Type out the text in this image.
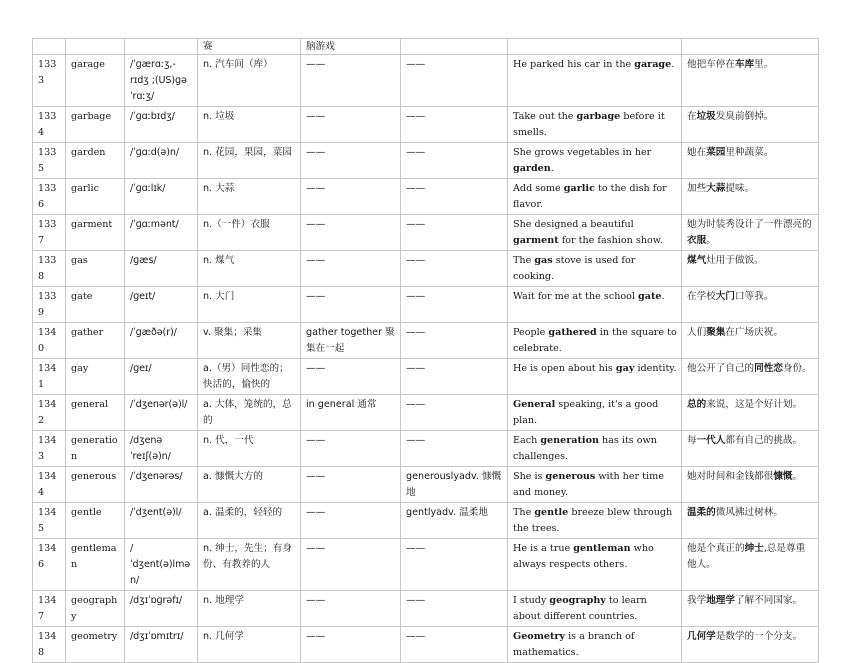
			赛	脑游戏			
1333	garage	/ˈɡærɑːʒ,-rɪdʒ ;(US)ɡəˈrɑːʒ/	n. 汽车间（库）	——	——	He parked his car in the garage.	他把车停在车库里。
1334	garbage	/ˈɡɑːbɪdʒ/	n. 垃圾	——	——	Take out the garbage before it smells.	在垃圾发臭前倒掉。
1335	garden	/ˈɡɑːd(ə)n/	n. 花园，果园，菜园	——	——	She grows vegetables in her garden.	她在菜园里种蔬菜。
1336	garlic	/ˈɡɑːlɪk/	n. 大蒜	——	——	Add some garlic to the dish for flavor.	加些大蒜提味。
1337	garment	/ˈɡɑːmənt/	n.（一件）衣服	——	——	She designed a beautiful garment for the fashion show.	她为时装秀设计了一件漂亮的衣服。
1338	gas	/ɡæs/	n. 煤气	——	——	The gas stove is used for cooking.	煤气灶用于做饭。
1339	gate	/ɡeɪt/	n. 大门	——	——	Wait for me at the school gate.	在学校大门口等我。
1340	gather	/ˈɡæðə(r)/	v. 聚集；采集	gather together 聚集在一起	——	People gathered in the square to celebrate.	人们聚集在广场庆祝。
1341	gay	/ɡeɪ/	a.（男）同性恋的；快活的，愉快的	——	——	He is open about his gay identity.	他公开了自己的同性恋身份。
1342	general	/ˈdʒenər(ə)l/	a. 大体，笼统的，总的	in general 通常	——	General speaking, it's a good plan.	总的来说，这是个好计划。
1343	generation	/dʒenəˈreɪʃ(ə)n/	n. 代，一代	——	——	Each generation has its own challenges.	每一代人都有自己的挑战。
1344	generous	/ˈdʒenərəs/	a. 慷慨大方的	——	generouslyadv. 慷慨地	She is generous with her time and money.	她对时间和金钱都很慷慨。
1345	gentle	/ˈdʒent(ə)l/	a. 温柔的，轻轻的	——	gentlyadv. 温柔地	The gentle breeze blew through the trees.	温柔的微风拂过树林。
1346	gentleman	/ˈdʒent(ə)lmən/	n. 绅士，先生；有身份、有教养的人	——	——	He is a true gentleman who always respects others.	他是个真正的绅士,总是尊重他人。
1347	geography	/dʒɪˈɒɡrəfɪ/	n. 地理学	——	——	I study geography to learn about different countries.	我学地理学了解不同国家。
1348	geometry	/dʒɪˈɒmɪtrɪ/	n. 几何学	——	——	Geometry is a branch of mathematics.	几何学是数学的一个分支。
